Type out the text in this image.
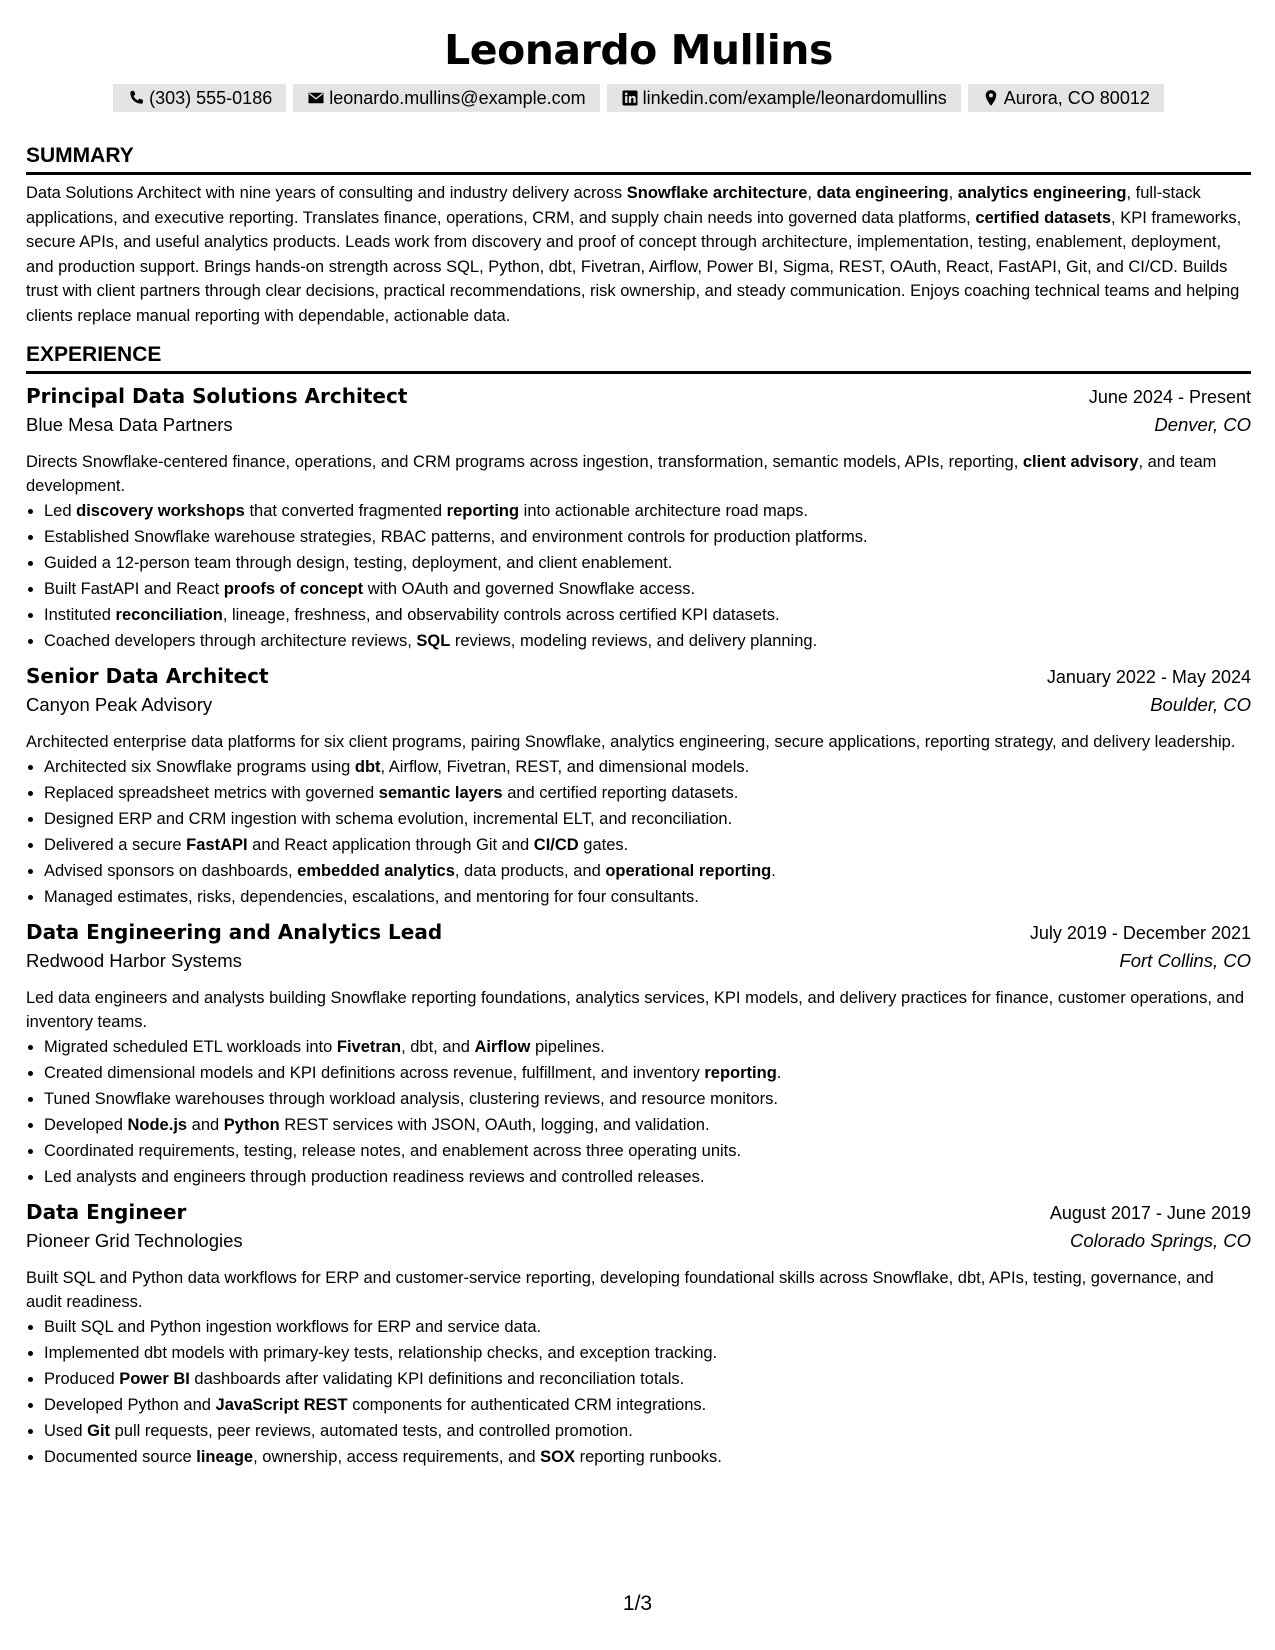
Leonardo Mullins
(303) 555-0186	leonardo.mullins@example.com	linkedin.com/example/leonardomullins	Aurora, CO 80012
SUMMARY

Data Solutions Architect with nine years of consulting and industry delivery across Snowflake architecture, data engineering, analytics engineering, full-stack applications, and executive reporting. Translates finance, operations, CRM, and supply chain needs into governed data platforms, certified datasets, KPI frameworks, secure APIs, and useful analytics products. Leads work from discovery and proof of concept through architecture, implementation, testing, enablement, deployment, and production support. Brings hands-on strength across SQL, Python, dbt, Fivetran, Airflow, Power BI, Sigma, REST, OAuth, React, FastAPI, Git, and CI/CD. Builds trust with client partners through clear decisions, practical recommendations, risk ownership, and steady communication. Enjoys coaching technical teams and helping clients replace manual reporting with dependable, actionable data.

EXPERIENCE
Principal Data Solutions Architect	June 2024 - Present
Blue Mesa Data Partners	Denver, CO

Directs Snowflake-centered finance, operations, and CRM programs across ingestion, transformation, semantic models, APIs, reporting, client advisory, and team development.

• Led discovery workshops that converted fragmented reporting into actionable architecture road maps.
• Established Snowflake warehouse strategies, RBAC patterns, and environment controls for production platforms.
• Guided a 12-person team through design, testing, deployment, and client enablement.
• Built FastAPI and React proofs of concept with OAuth and governed Snowflake access.
• Instituted reconciliation, lineage, freshness, and observability controls across certified KPI datasets.
• Coached developers through architecture reviews, SQL reviews, modeling reviews, and delivery planning.
Senior Data Architect	January 2022 - May 2024
Canyon Peak Advisory	Boulder, CO

Architected enterprise data platforms for six client programs, pairing Snowflake, analytics engineering, secure applications, reporting strategy, and delivery leadership.

• Architected six Snowflake programs using dbt, Airflow, Fivetran, REST, and dimensional models.
• Replaced spreadsheet metrics with governed semantic layers and certified reporting datasets.
• Designed ERP and CRM ingestion with schema evolution, incremental ELT, and reconciliation.
• Delivered a secure FastAPI and React application through Git and CI/CD gates.
• Advised sponsors on dashboards, embedded analytics, data products, and operational reporting.
• Managed estimates, risks, dependencies, escalations, and mentoring for four consultants.
Data Engineering and Analytics Lead	July 2019 - December 2021
Redwood Harbor Systems	Fort Collins, CO

Led data engineers and analysts building Snowflake reporting foundations, analytics services, KPI models, and delivery practices for finance, customer operations, and inventory teams.

• Migrated scheduled ETL workloads into Fivetran, dbt, and Airflow pipelines.
• Created dimensional models and KPI definitions across revenue, fulfillment, and inventory reporting.
• Tuned Snowflake warehouses through workload analysis, clustering reviews, and resource monitors.
• Developed Node.js and Python REST services with JSON, OAuth, logging, and validation.
• Coordinated requirements, testing, release notes, and enablement across three operating units.
• Led analysts and engineers through production readiness reviews and controlled releases.
Data Engineer	August 2017 - June 2019
Pioneer Grid Technologies	Colorado Springs, CO

Built SQL and Python data workflows for ERP and customer-service reporting, developing foundational skills across Snowflake, dbt, APIs, testing, governance, and audit readiness.

• Built SQL and Python ingestion workflows for ERP and service data.
• Implemented dbt models with primary-key tests, relationship checks, and exception tracking.
• Produced Power BI dashboards after validating KPI definitions and reconciliation totals.
• Developed Python and JavaScript REST components for authenticated CRM integrations.
• Used Git pull requests, peer reviews, automated tests, and controlled promotion.
• Documented source lineage, ownership, access requirements, and SOX reporting runbooks.
1/3
